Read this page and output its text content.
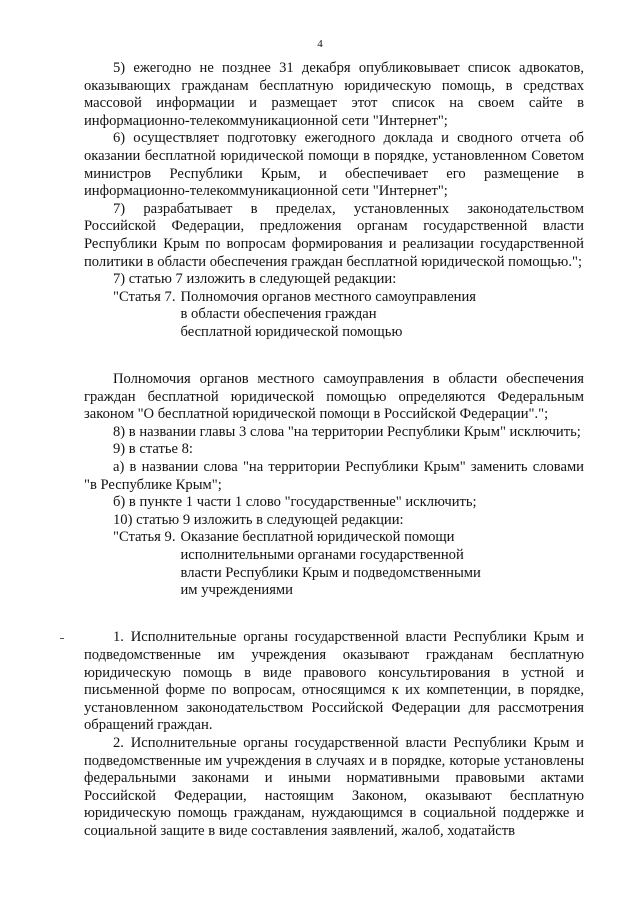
4

5) ежегодно не позднее 31 декабря опубликовывает список адвокатов, оказывающих гражданам бесплатную юридическую помощь, в средствах массовой информации и размещает этот список на своем сайте в информационно-телекоммуникационной сети "Интернет";

6) осуществляет подготовку ежегодного доклада и сводного отчета об оказании бесплатной юридической помощи в порядке, установленном Советом министров Республики Крым, и обеспечивает его размещение в информационно-телекоммуникационной сети "Интернет";

7) разрабатывает в пределах, установленных законодательством Российской Федерации, предложения органам государственной власти Республики Крым по вопросам формирования и реализации государственной политики в области обеспечения граждан бесплатной юридической помощью.";

7) статью 7 изложить в следующей редакции:

"Статья 7. Полномочия органов местного самоуправления
в области обеспечения граждан
бесплатной юридической помощью

Полномочия органов местного самоуправления в области обеспечения граждан бесплатной юридической помощью определяются Федеральным законом "О бесплатной юридической помощи в Российской Федерации".";

8) в названии главы 3 слова "на территории Республики Крым" исключить;

9) в статье 8:

а) в названии слова "на территории Республики Крым" заменить словами "в Республике Крым";

б) в пункте 1 части 1 слово "государственные" исключить;

10) статью 9 изложить в следующей редакции:

"Статья 9. Оказание бесплатной юридической помощи
исполнительными органами государственной
власти Республики Крым и подведомственными
им учреждениями

1. Исполнительные органы государственной власти Республики Крым и подведомственные им учреждения оказывают гражданам бесплатную юридическую помощь в виде правового консультирования в устной и письменной форме по вопросам, относящимся к их компетенции, в порядке, установленном законодательством Российской Федерации для рассмотрения обращений граждан.

2. Исполнительные органы государственной власти Республики Крым и подведомственные им учреждения в случаях и в порядке, которые установлены федеральными законами и иными нормативными правовыми актами Российской Федерации, настоящим Законом, оказывают бесплатную юридическую помощь гражданам, нуждающимся в социальной поддержке и социальной защите в виде составления заявлений, жалоб, ходатайств
